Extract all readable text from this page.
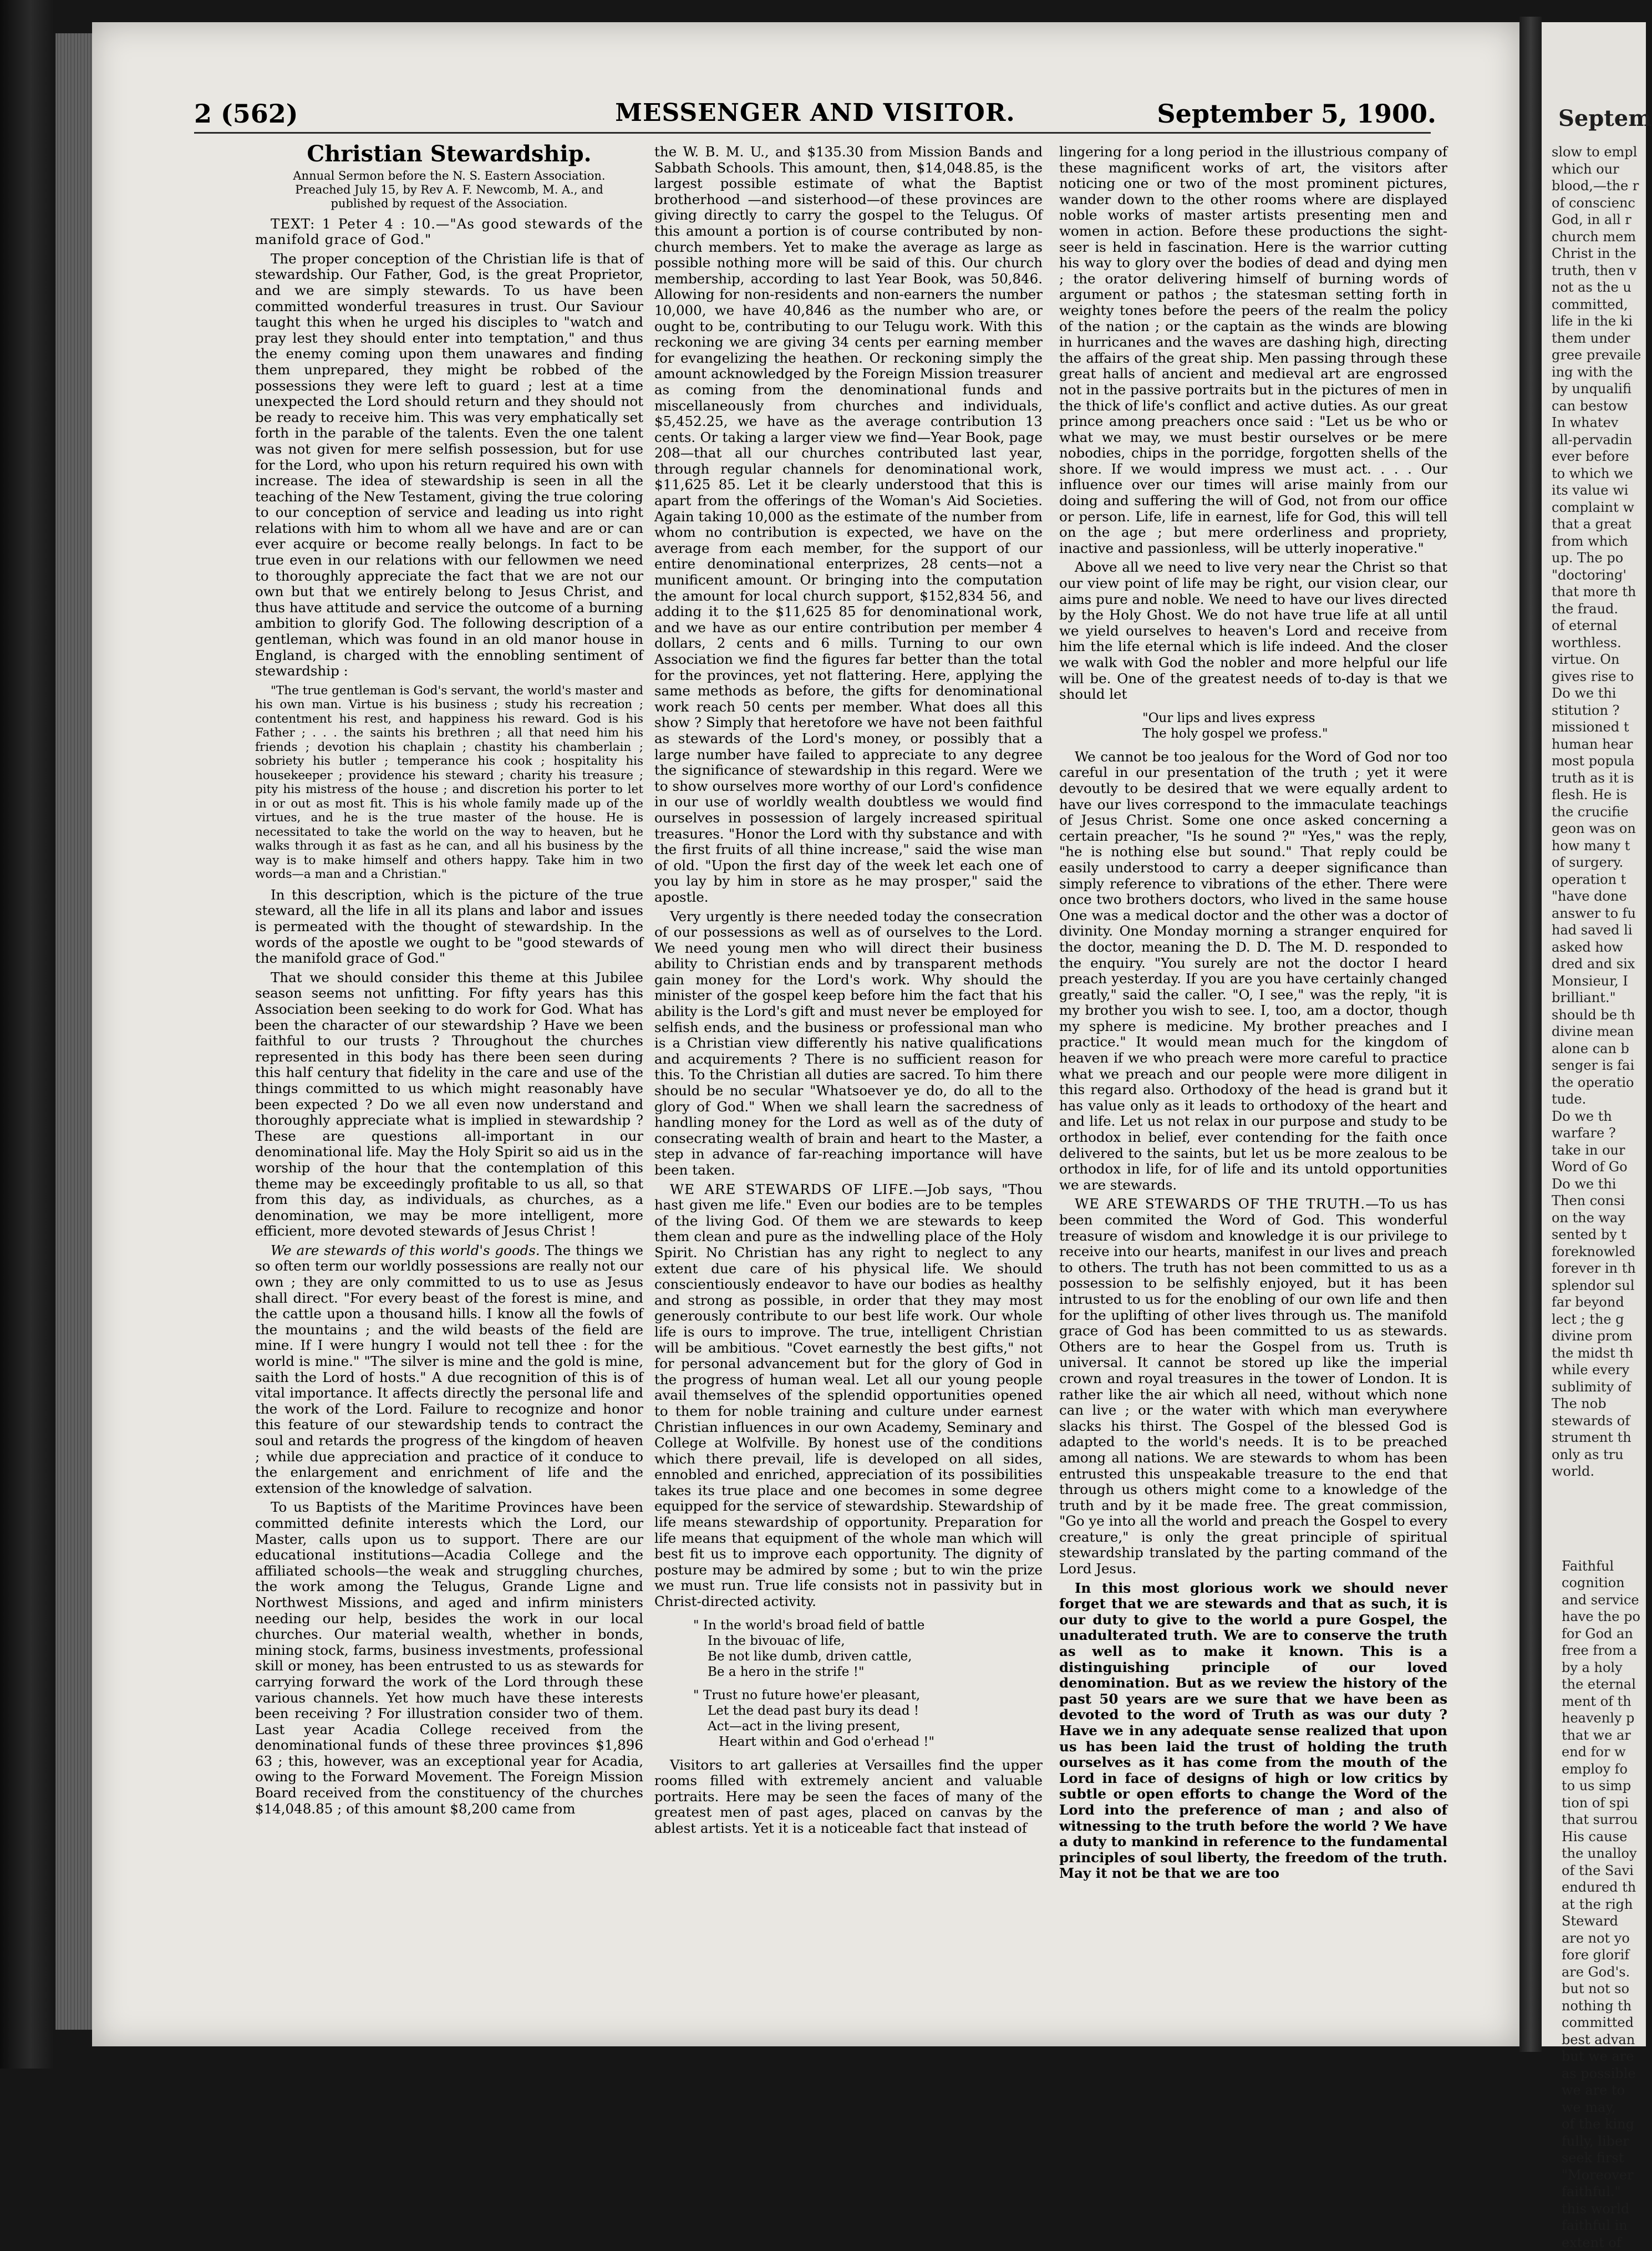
2 (562)	MESSENGER AND VISITOR.	September 5, 1900.

Christian Stewardship.

Annual Sermon before the N. S. Eastern Association. Preached July 15, by Rev A. F. Newcomb, M. A., and published by request of the Association.

TEXT: 1 Peter 4 : 10.—"As good stewards of the manifold grace of God."

The proper conception of the Christian life is that of stewardship. Our Father, God, is the great Proprietor, and we are simply stewards. To us have been committed wonderful treasures in trust. Our Saviour taught this when he urged his disciples to "watch and pray lest they should enter into temptation," and thus the enemy coming upon them unawares and finding them unprepared, they might be robbed of the possessions they were left to guard ; lest at a time unexpected the Lord should return and they should not be ready to receive him. This was very emphatically set forth in the parable of the talents. Even the one talent was not given for mere selfish possession, but for use for the Lord, who upon his return required his own with increase. The idea of stewardship is seen in all the teaching of the New Testament, giving the true coloring to our conception of service and leading us into right relations with him to whom all we have and are or can ever acquire or become really belongs. In fact to be true even in our relations with our fellowmen we need to thoroughly appreciate the fact that we are not our own but that we entirely belong to Jesus Christ, and thus have attitude and service the outcome of a burning ambition to glorify God. The following description of a gentleman, which was found in an old manor house in England, is charged with the ennobling sentiment of stewardship :

"The true gentleman is God's servant, the world's master and his own man. Virtue is his business ; study his recreation ; contentment his rest, and happiness his reward. God is his Father ; . . . the saints his brethren ; all that need him his friends ; devotion his chaplain ; chastity his chamberlain ; sobriety his butler ; temperance his cook ; hospitality his housekeeper ; providence his steward ; charity his treasure ; pity his mistress of the house ; and discretion his porter to let in or out as most fit. This is his whole family made up of the virtues, and he is the true master of the house. He is necessitated to take the world on the way to heaven, but he walks through it as fast as he can, and all his business by the way is to make himself and others happy. Take him in two words—a man and a Christian."

In this description, which is the picture of the true steward, all the life in all its plans and labor and issues is permeated with the thought of stewardship. In the words of the apostle we ought to be "good stewards of the manifold grace of God."

That we should consider this theme at this Jubilee season seems not unfitting. For fifty years has this Association been seeking to do work for God. What has been the character of our stewardship ? Have we been faithful to our trusts ? Throughout the churches represented in this body has there been seen during this half century that fidelity in the care and use of the things committed to us which might reasonably have been expected ? Do we all even now understand and thoroughly appreciate what is implied in stewardship ? These are questions all-important in our denominational life. May the Holy Spirit so aid us in the worship of the hour that the contemplation of this theme may be exceedingly profitable to us all, so that from this day, as individuals, as churches, as a denomination, we may be more intelligent, more efficient, more devoted stewards of Jesus Christ !

We are stewards of this world's goods. The things we so often term our worldly possessions are really not our own ; they are only committed to us to use as Jesus shall direct. "For every beast of the forest is mine, and the cattle upon a thousand hills. I know all the fowls of the mountains ; and the wild beasts of the field are mine. If I were hungry I would not tell thee : for the world is mine." "The silver is mine and the gold is mine, saith the Lord of hosts." A due recognition of this is of vital importance. It affects directly the personal life and the work of the Lord. Failure to recognize and honor this feature of our stewardship tends to contract the soul and retards the progress of the kingdom of heaven ; while due appreciation and practice of it conduce to the enlargement and enrichment of life and the extension of the knowledge of salvation.

To us Baptists of the Maritime Provinces have been committed definite interests which the Lord, our Master, calls upon us to support. There are our educational institutions—Acadia College and the affiliated schools—the weak and struggling churches, the work among the Telugus, Grande Ligne and Northwest Missions, and aged and infirm ministers needing our help, besides the work in our local churches. Our material wealth, whether in bonds, mining stock, farms, business investments, professional skill or money, has been entrusted to us as stewards for carrying forward the work of the Lord through these various channels. Yet how much have these interests been receiving ? For illustration consider two of them. Last year Acadia College received from the denominational funds of these three provinces $1,896 63 ; this, however, was an exceptional year for Acadia, owing to the Forward Movement. The Foreign Mission Board received from the constituency of the churches $14,048.85 ; of this amount $8,200 came from

the W. B. M. U., and $135.30 from Mission Bands and Sabbath Schools. This amount, then, $14,048.85, is the largest possible estimate of what the Baptist brotherhood —and sisterhood—of these provinces are giving directly to carry the gospel to the Telugus. Of this amount a portion is of course contributed by non-church members. Yet to make the average as large as possible nothing more will be said of this. Our church membership, according to last Year Book, was 50,846. Allowing for non-residents and non-earners the number 10,000, we have 40,846 as the number who are, or ought to be, contributing to our Telugu work. With this reckoning we are giving 34 cents per earning member for evangelizing the heathen. Or reckoning simply the amount acknowledged by the Foreign Mission treasurer as coming from the denominational funds and miscellaneously from churches and individuals, $5,452.25, we have as the average contribution 13 cents. Or taking a larger view we find—Year Book, page 208—that all our churches contributed last year, through regular channels for denominational work, $11,625 85. Let it be clearly understood that this is apart from the offerings of the Woman's Aid Societies. Again taking 10,000 as the estimate of the number from whom no contribution is expected, we have on the average from each member, for the support of our entire denominational enterprizes, 28 cents—not a munificent amount. Or bringing into the computation the amount for local church support, $152,834 56, and adding it to the $11,625 85 for denominational work, and we have as our entire contribution per member 4 dollars, 2 cents and 6 mills. Turning to our own Association we find the figures far better than the total for the provinces, yet not flattering. Here, applying the same methods as before, the gifts for denominational work reach 50 cents per member. What does all this show ? Simply that heretofore we have not been faithful as stewards of the Lord's money, or possibly that a large number have failed to appreciate to any degree the significance of stewardship in this regard. Were we to show ourselves more worthy of our Lord's confidence in our use of worldly wealth doubtless we would find ourselves in possession of largely increased spiritual treasures. "Honor the Lord with thy substance and with the first fruits of all thine increase," said the wise man of old. "Upon the first day of the week let each one of you lay by him in store as he may prosper," said the apostle.

Very urgently is there needed today the consecration of our possessions as well as of ourselves to the Lord. We need young men who will direct their business ability to Christian ends and by transparent methods gain money for the Lord's work. Why should the minister of the gospel keep before him the fact that his ability is the Lord's gift and must never be employed for selfish ends, and the business or professional man who is a Christian view differently his native qualifications and acquirements ? There is no sufficient reason for this. To the Christian all duties are sacred. To him there should be no secular "Whatsoever ye do, do all to the glory of God." When we shall learn the sacredness of handling money for the Lord as well as of the duty of consecrating wealth of brain and heart to the Master, a step in advance of far-reaching importance will have been taken.

WE ARE STEWARDS OF LIFE.—Job says, "Thou hast given me life." Even our bodies are to be temples of the living God. Of them we are stewards to keep them clean and pure as the indwelling place of the Holy Spirit. No Christian has any right to neglect to any extent due care of his physical life. We should conscientiously endeavor to have our bodies as healthy and strong as possible, in order that they may most generously contribute to our best life work. Our whole life is ours to improve. The true, intelligent Christian will be ambitious. "Covet earnestly the best gifts," not for personal advancement but for the glory of God in the progress of human weal. Let all our young people avail themselves of the splendid opportunities opened to them for noble training and culture under earnest Christian influences in our own Academy, Seminary and College at Wolfville. By honest use of the conditions which there prevail, life is developed on all sides, ennobled and enriched, appreciation of its possibilities takes its true place and one becomes in some degree equipped for the service of stewardship. Stewardship of life means stewardship of opportunity. Preparation for life means that equipment of the whole man which will best fit us to improve each opportunity. The dignity of posture may be admired by some ; but to win the prize we must run. True life consists not in passivity but in Christ-directed activity.

" In the world's broad field of battle
In the bivouac of life,
Be not like dumb, driven cattle,
Be a hero in the strife !"
" Trust no future howe'er pleasant,
Let the dead past bury its dead !
Act—act in the living present,
Heart within and God o'erhead !"

Visitors to art galleries at Versailles find the upper rooms filled with extremely ancient and valuable portraits. Here may be seen the faces of many of the greatest men of past ages, placed on canvas by the ablest artists. Yet it is a noticeable fact that instead of

lingering for a long period in the illustrious company of these magnificent works of art, the visitors after noticing one or two of the most prominent pictures, wander down to the other rooms where are displayed noble works of master artists presenting men and women in action. Before these productions the sight-seer is held in fascination. Here is the warrior cutting his way to glory over the bodies of dead and dying men ; the orator delivering himself of burning words of argument or pathos ; the statesman setting forth in weighty tones before the peers of the realm the policy of the nation ; or the captain as the winds are blowing in hurricanes and the waves are dashing high, directing the affairs of the great ship. Men passing through these great halls of ancient and medieval art are engrossed not in the passive portraits but in the pictures of men in the thick of life's conflict and active duties. As our great prince among preachers once said : "Let us be who or what we may, we must bestir ourselves or be mere nobodies, chips in the porridge, forgotten shells of the shore. If we would impress we must act. . . . Our influence over our times will arise mainly from our doing and suffering the will of God, not from our office or person. Life, life in earnest, life for God, this will tell on the age ; but mere orderliness and propriety, inactive and passionless, will be utterly inoperative."

Above all we need to live very near the Christ so that our view point of life may be right, our vision clear, our aims pure and noble. We need to have our lives directed by the Holy Ghost. We do not have true life at all until we yield ourselves to heaven's Lord and receive from him the life eternal which is life indeed. And the closer we walk with God the nobler and more helpful our life will be. One of the greatest needs of to-day is that we should let

"Our lips and lives express
The holy gospel we profess."

We cannot be too jealous for the Word of God nor too careful in our presentation of the truth ; yet it were devoutly to be desired that we were equally ardent to have our lives correspond to the immaculate teachings of Jesus Christ. Some one once asked concerning a certain preacher, "Is he sound ?" "Yes," was the reply, "he is nothing else but sound." That reply could be easily understood to carry a deeper significance than simply reference to vibrations of the ether. There were once two brothers doctors, who lived in the same house One was a medical doctor and the other was a doctor of divinity. One Monday morning a stranger enquired for the doctor, meaning the D. D. The M. D. responded to the enquiry. "You surely are not the doctor I heard preach yesterday. If you are you have certainly changed greatly," said the caller. "O, I see," was the reply, "it is my brother you wish to see. I, too, am a doctor, though my sphere is medicine. My brother preaches and I practice." It would mean much for the kingdom of heaven if we who preach were more careful to practice what we preach and our people were more diligent in this regard also. Orthodoxy of the head is grand but it has value only as it leads to orthodoxy of the heart and and life. Let us not relax in our purpose and study to be orthodox in belief, ever contending for the faith once delivered to the saints, but let us be more zealous to be orthodox in life, for of life and its untold opportunities we are stewards.

WE ARE STEWARDS OF THE TRUTH.—To us has been commited the Word of God. This wonderful treasure of wisdom and knowledge it is our privilege to receive into our hearts, manifest in our lives and preach to others. The truth has not been committed to us as a possession to be selfishly enjoyed, but it has been intrusted to us for the enobling of our own life and then for the uplifting of other lives through us. The manifold grace of God has been committed to us as stewards. Others are to hear the Gospel from us. Truth is universal. It cannot be stored up like the imperial crown and royal treasures in the tower of London. It is rather like the air which all need, without which none can live ; or the water with which man everywhere slacks his thirst. The Gospel of the blessed God is adapted to the world's needs. It is to be preached among all nations. We are stewards to whom has been entrusted this unspeakable treasure to the end that through us others might come to a knowledge of the truth and by it be made free. The great commission, "Go ye into all the world and preach the Gospel to every creature," is only the great principle of spiritual stewardship translated by the parting command of the Lord Jesus.

In this most glorious work we should never forget that we are stewards and that as such, it is our duty to give to the world a pure Gospel, the unadulterated truth. We are to conserve the truth as well as to make it known. This is a distinguishing principle of our loved denomination. But as we review the history of the past 50 years are we sure that we have been as devoted to the word of Truth as was our duty ? Have we in any adequate sense realized that upon us has been laid the trust of holding the truth ourselves as it has come from the mouth of the Lord in face of designs of high or low critics by subtle or open efforts to change the Word of the Lord into the preference of man ; and also of witnessing to the truth before the world ? We have a duty to mankind in reference to the fundamental principles of soul liberty, the freedom of the truth. May it not be that we are too

Septem
slow to empl
which our
blood,—the r
of conscienc
God, in all r
church mem
Christ in the
truth, then v
not as the u
committed,
life in the ki
them under
gree prevaile
ing with the
by unqualifi
can bestow
In whatev
all-pervadin
ever before
to which we
its value wi
complaint w
that a great
from which
up. The po
"doctoring'
that more th
the fraud.
of eternal
worthless.
virtue. On
gives rise to
Do we thi
stitution ?
missioned t
human hear
most popula
truth as it is
flesh. He is
the crucifie
geon was on
how many t
of surgery.
operation t
"have done
answer to fu
had saved li
asked how
dred and six
Monsieur, I
brilliant."
should be th
divine mean
alone can b
senger is fai
the operatio
tude.
Do we th
warfare ?
take in our
Word of Go
Do we thi
Then consi
on the way
sented by t
foreknowled
forever in th
splendor sul
far beyond
lect ; the g
divine prom
the midst th
while every
sublimity of
The nob
stewards of
strument th
only as tru
world.
Faithful
cognition
and service
have the po
for God an
free from a
by a holy
the eternal
ment of th
heavenly p
that we ar
end for w
employ fo
to us simp
tion of spi
that surrou
His cause
the unalloy
of the Savi
endured th
at the righ
Steward
are not yo
fore glorif
are God's.
but not so
nothing th
committed
best advan
but we are
as possible
we are to
we may,
of the king
fully, liber
seek first
"Moreover
faithful."
this world
faithful in
extent of
